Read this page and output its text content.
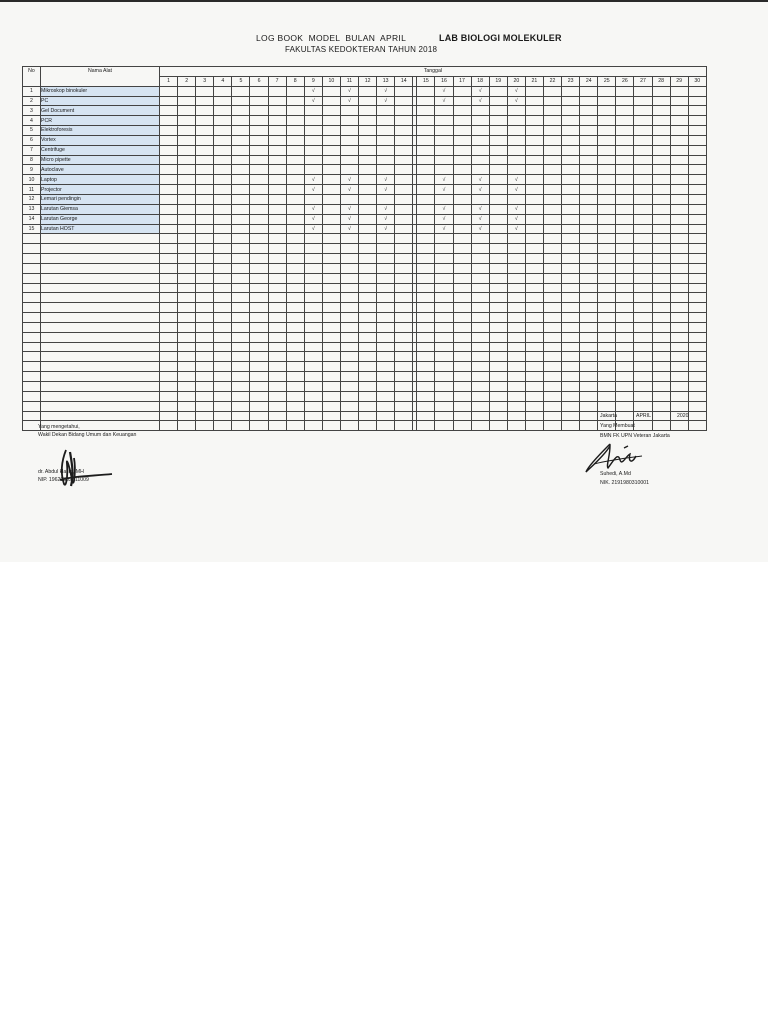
LOG BOOK  MODEL  BULAN  APRIL	LAB BIOLOGI MOLEKULER
FAKULTAS KEDOKTERAN TAHUN 2018
No	Nama Alat	Tanggal																														
		1	2	3	4	5	6	7	8	9	10	11	12	13	14		15	16	17	18	19	20	21	22	23	24	25	26	27	28	29	30
1	Mikroskop binokuler									√		√		√				√		√		√										
2	PC									√		√		√				√		√		√										
3	Gel Document																															
4	PCR																															
5	Elektroforesis																															
6	Vortex																															
7	Centrifuge																															
8	Micro pipette																															
9	Autoclave																															
10	Laptop									√		√		√				√		√		√										
11	Projector									√		√		√				√		√		√										
12	Lemari pendingin																															
13	Larutan Giemsa									√		√		√				√		√		√										
14	Larutan George									√		√		√				√		√		√										
15	Larutan HOST									√		√		√				√		√		√										

Yang mengetahui,
Wakil Dekan Bidang Umum dan Keuangan
dr. Abdul Halim, MH
NIP. 19620302011009
Jakarta	APRIL	2020
Yang Membuat
BMN FK UPN Veteran Jakarta
Suhedi, A.Md
NIK. 2191980310001
